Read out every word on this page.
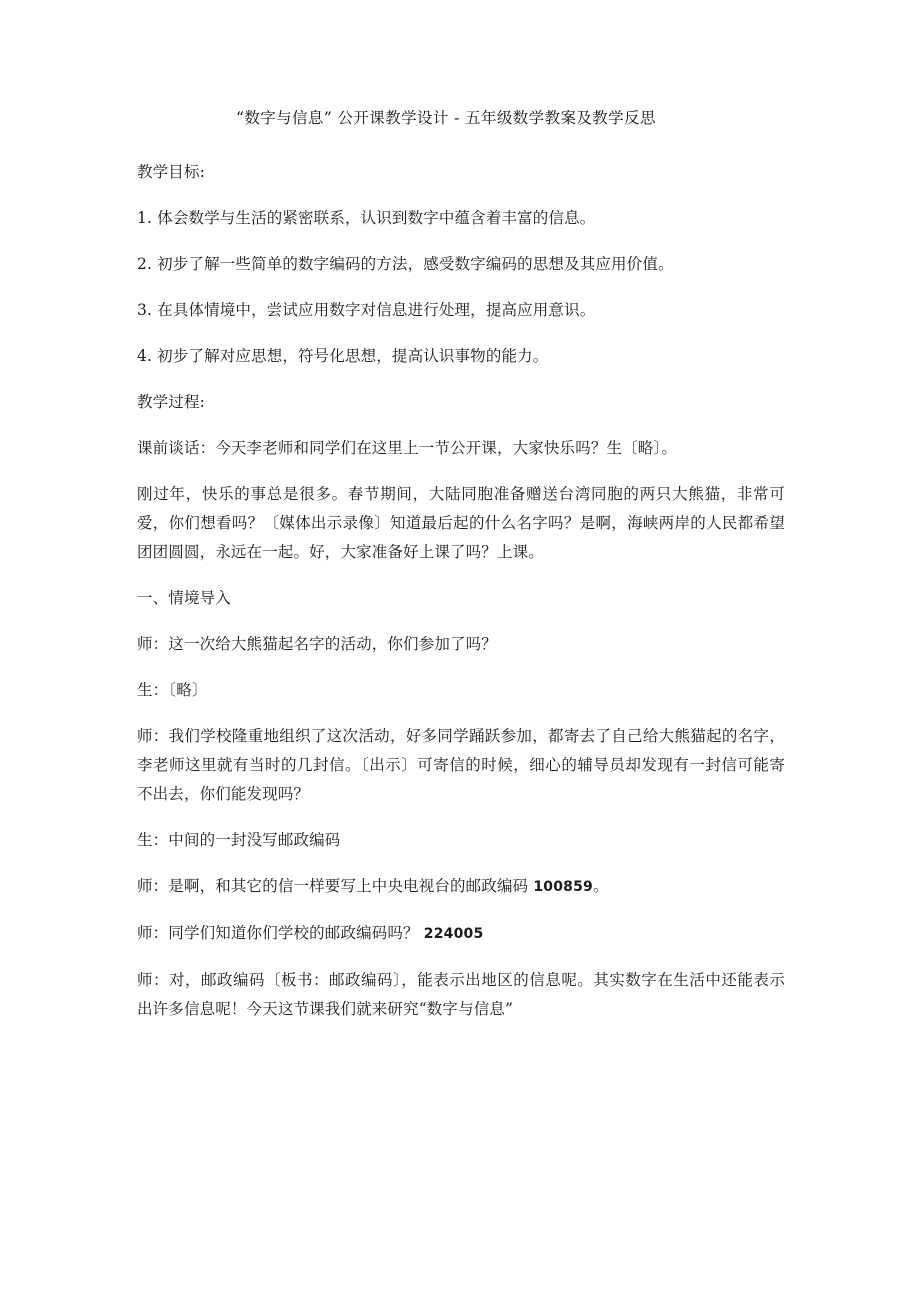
“数字与信息” 公开课教学设计 - 五年级数学教案及教学反思

教学目标:

1. 体会数学与生活的紧密联系，认识到数字中蕴含着丰富的信息。

2. 初步了解一些简单的数字编码的方法，感受数字编码的思想及其应用价值。

3. 在具体情境中，尝试应用数字对信息进行处理，提高应用意识。

4. 初步了解对应思想，符号化思想，提高认识事物的能力。

教学过程:

课前谈话：今天李老师和同学们在这里上一节公开课，大家快乐吗？生〔略〕。

刚过年，快乐的事总是很多。春节期间，大陆同胞准备赠送台湾同胞的两只大熊猫，非常可爱，你们想看吗？〔媒体出示录像〕知道最后起的什么名字吗？是啊，海峡两岸的人民都希望团团圆圆，永远在一起。好，大家准备好上课了吗？上课。

一、情境导入

师：这一次给大熊猫起名字的活动，你们参加了吗？

生：〔略〕

师：我们学校隆重地组织了这次活动，好多同学踊跃参加，都寄去了自己给大熊猫起的名字，李老师这里就有当时的几封信。〔出示〕可寄信的时候，细心的辅导员却发现有一封信可能寄不出去，你们能发现吗？

生：中间的一封没写邮政编码

师：是啊，和其它的信一样要写上中央电视台的邮政编码 100859。

师：同学们知道你们学校的邮政编码吗？ 224005

师：对，邮政编码〔板书：邮政编码〕，能表示出地区的信息呢。其实数字在生活中还能表示出许多信息呢！今天这节课我们就来研究“数字与信息”
